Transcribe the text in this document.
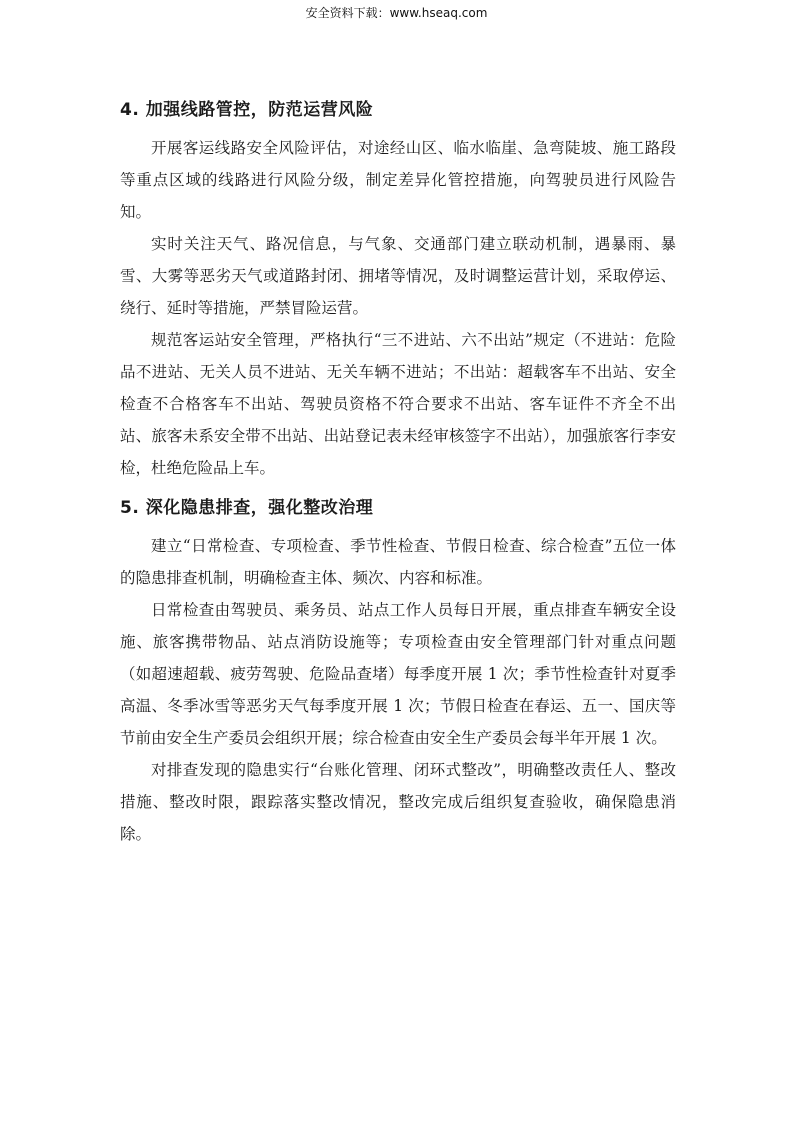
安全资料下载：www.hseaq.com
4. 加强线路管控，防范运营风险

开展客运线路安全风险评估，对途经山区、临水临崖、急弯陡坡、施工路段等重点区域的线路进行风险分级，制定差异化管控措施，向驾驶员进行风险告知。

实时关注天气、路况信息，与气象、交通部门建立联动机制，遇暴雨、暴雪、大雾等恶劣天气或道路封闭、拥堵等情况，及时调整运营计划，采取停运、绕行、延时等措施，严禁冒险运营。

规范客运站安全管理，严格执行“三不进站、六不出站”规定（不进站：危险品不进站、无关人员不进站、无关车辆不进站；不出站：超载客车不出站、安全检查不合格客车不出站、驾驶员资格不符合要求不出站、客车证件不齐全不出站、旅客未系安全带不出站、出站登记表未经审核签字不出站），加强旅客行李安检，杜绝危险品上车。

5. 深化隐患排查，强化整改治理

建立“日常检查、专项检查、季节性检查、节假日检查、综合检查”五位一体的隐患排查机制，明确检查主体、频次、内容和标准。

日常检查由驾驶员、乘务员、站点工作人员每日开展，重点排查车辆安全设施、旅客携带物品、站点消防设施等；专项检查由安全管理部门针对重点问题（如超速超载、疲劳驾驶、危险品查堵）每季度开展 1 次；季节性检查针对夏季高温、冬季冰雪等恶劣天气每季度开展 1 次；节假日检查在春运、五一、国庆等节前由安全生产委员会组织开展；综合检查由安全生产委员会每半年开展 1 次。

对排查发现的隐患实行“台账化管理、闭环式整改”，明确整改责任人、整改措施、整改时限，跟踪落实整改情况，整改完成后组织复查验收，确保隐患消除。
